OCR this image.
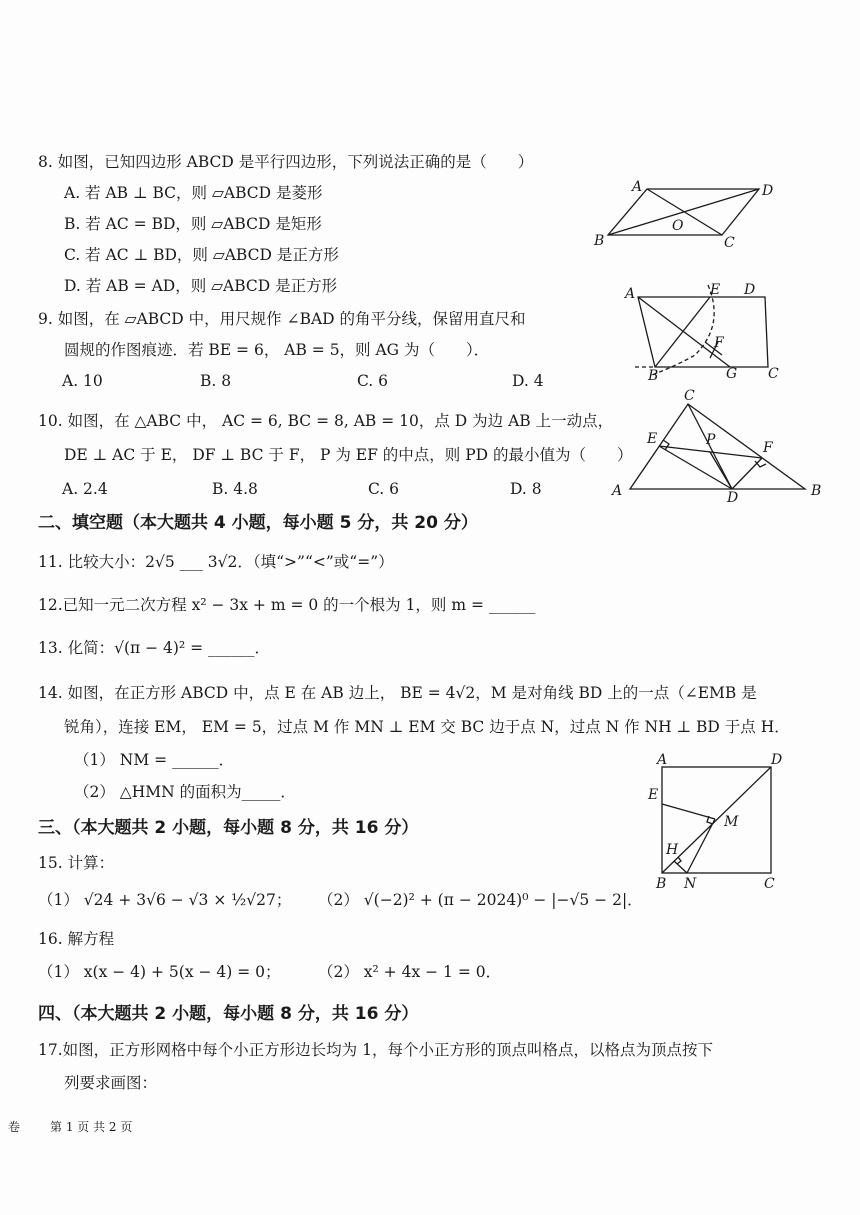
8. 如图，已知四边形 ABCD 是平行四边形，下列说法正确的是（　　）
A. 若 AB ⊥ BC，则 ▱ABCD 是菱形
B. 若 AC = BD，则 ▱ABCD 是矩形
C. 若 AC ⊥ BD，则 ▱ABCD 是正方形
D. 若 AB = AD，则 ▱ABCD 是正方形
A	D
O
B	C
9. 如图，在 ▱ABCD 中，用尺规作 ∠BAD 的角平分线，保留用直尺和
圆规的作图痕迹．若 BE = 6， AB = 5，则 AG 为（　　）．
A. 10	B. 8	C. 6	D. 4
A	E D
F
B	G C
10. 如图，在 △ABC 中， AC = 6, BC = 8, AB = 10，点 D 为边 AB 上一动点，
DE ⊥ AC 于 E， DF ⊥ BC 于 F， P 为 EF 的中点，则 PD 的最小值为（　　）
A. 2.4	B. 4.8	C. 6	D. 8
C
E	P	F
A	D	B
二、填空题（本大题共 4 小题，每小题 5 分，共 20 分）
11. 比较大小：2√5 ___ 3√2．（填“>”“<”或“=”）
12.已知一元二次方程 x² − 3x + m = 0 的一个根为 1，则 m = ______
13. 化简：√(π − 4)² = ______．
14. 如图，在正方形 ABCD 中，点 E 在 AB 边上， BE = 4√2，M 是对角线 BD 上的一点（∠EMB 是
锐角），连接 EM， EM = 5，过点 M 作 MN ⊥ EM 交 BC 边于点 N，过点 N 作 NH ⊥ BD 于点 H．
（1） NM = ______．
（2） △HMN 的面积为_____．
A	D
E
M
H
B N	C
三、（本大题共 2 小题，每小题 8 分，共 16 分）
15. 计算：
（1） √24 + 3√6 − √3 × ½√27； （2） √(−2)² + (π − 2024)⁰ − |−√5 − 2|．
16. 解方程
（1） x(x − 4) + 5(x − 4) = 0； （2） x² + 4x − 1 = 0．
四、（本大题共 2 小题，每小题 8 分，共 16 分）
17.如图，正方形网格中每个小正方形边长均为 1，每个小正方形的顶点叫格点，以格点为顶点按下
列要求画图：
卷 第 1 页 共 2 页
